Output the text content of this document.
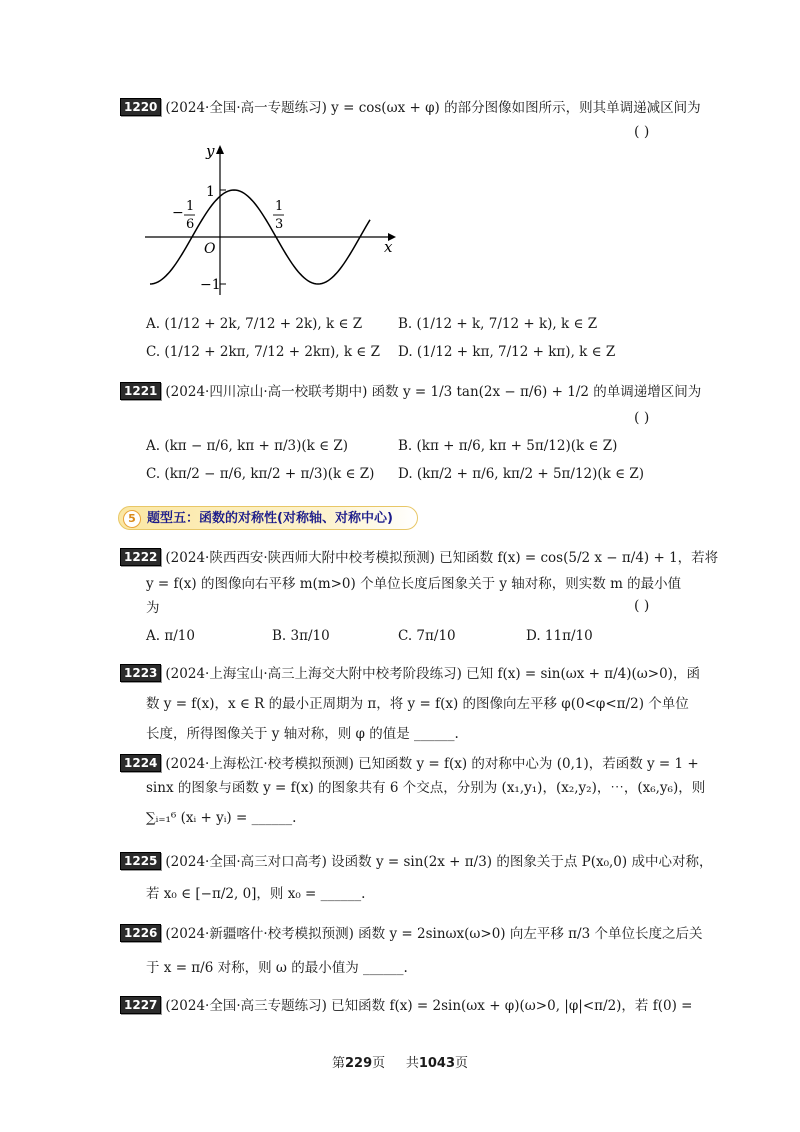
1220 (2024·全国·高一专题练习) y = cos(ωx + φ) 的部分图像如图所示，则其单调递减区间为
( )
y
x
O
1
−1
− 1
6
1
3
A. (1/12 + 2k, 7/12 + 2k), k ∈ Z	B. (1/12 + k, 7/12 + k), k ∈ Z
C. (1/12 + 2kπ, 7/12 + 2kπ), k ∈ Z D. (1/12 + kπ, 7/12 + kπ), k ∈ Z
1221 (2024·四川凉山·高一校联考期中) 函数 y = 1/3 tan(2x − π/6) + 1/2 的单调递增区间为
( )
A. (kπ − π/6, kπ + π/3)(k ∈ Z)	B. (kπ + π/6, kπ + 5π/12)(k ∈ Z)
C. (kπ/2 − π/6, kπ/2 + π/3)(k ∈ Z) D. (kπ/2 + π/6, kπ/2 + 5π/12)(k ∈ Z)
5 题型五：函数的对称性(对称轴、对称中心)
1222 (2024·陕西西安·陕西师大附中校考模拟预测) 已知函数 f(x) = cos(5/2 x − π/4) + 1，若将
y = f(x) 的图像向右平移 m(m>0) 个单位长度后图象关于 y 轴对称，则实数 m 的最小值
为	( )
A. π/10	B. 3π/10	C. 7π/10	D. 11π/10
1223 (2024·上海宝山·高三上海交大附中校考阶段练习) 已知 f(x) = sin(ωx + π/4)(ω>0)，函
数 y = f(x)，x ∈ R 的最小正周期为 π，将 y = f(x) 的图像向左平移 φ(0<φ<π/2) 个单位
长度，所得图像关于 y 轴对称，则 φ 的值是 ______.
1224 (2024·上海松江·校考模拟预测) 已知函数 y = f(x) 的对称中心为 (0,1)，若函数 y = 1 +
sinx 的图象与函数 y = f(x) 的图象共有 6 个交点，分别为 (x₁,y₁)，(x₂,y₂)，⋯，(x₆,y₆)，则
∑ᵢ₌₁⁶ (xᵢ + yᵢ) = ______.
1225 (2024·全国·高三对口高考) 设函数 y = sin(2x + π/3) 的图象关于点 P(x₀,0) 成中心对称，
若 x₀ ∈ [−π/2, 0]，则 x₀ = ______.
1226 (2024·新疆喀什·校考模拟预测) 函数 y = 2sinωx(ω>0) 向左平移 π/3 个单位长度之后关
于 x = π/6 对称，则 ω 的最小值为 ______.
1227 (2024·全国·高三专题练习) 已知函数 f(x) = 2sin(ωx + φ)(ω>0, |φ|<π/2)，若 f(0) =
第229页 共1043页
